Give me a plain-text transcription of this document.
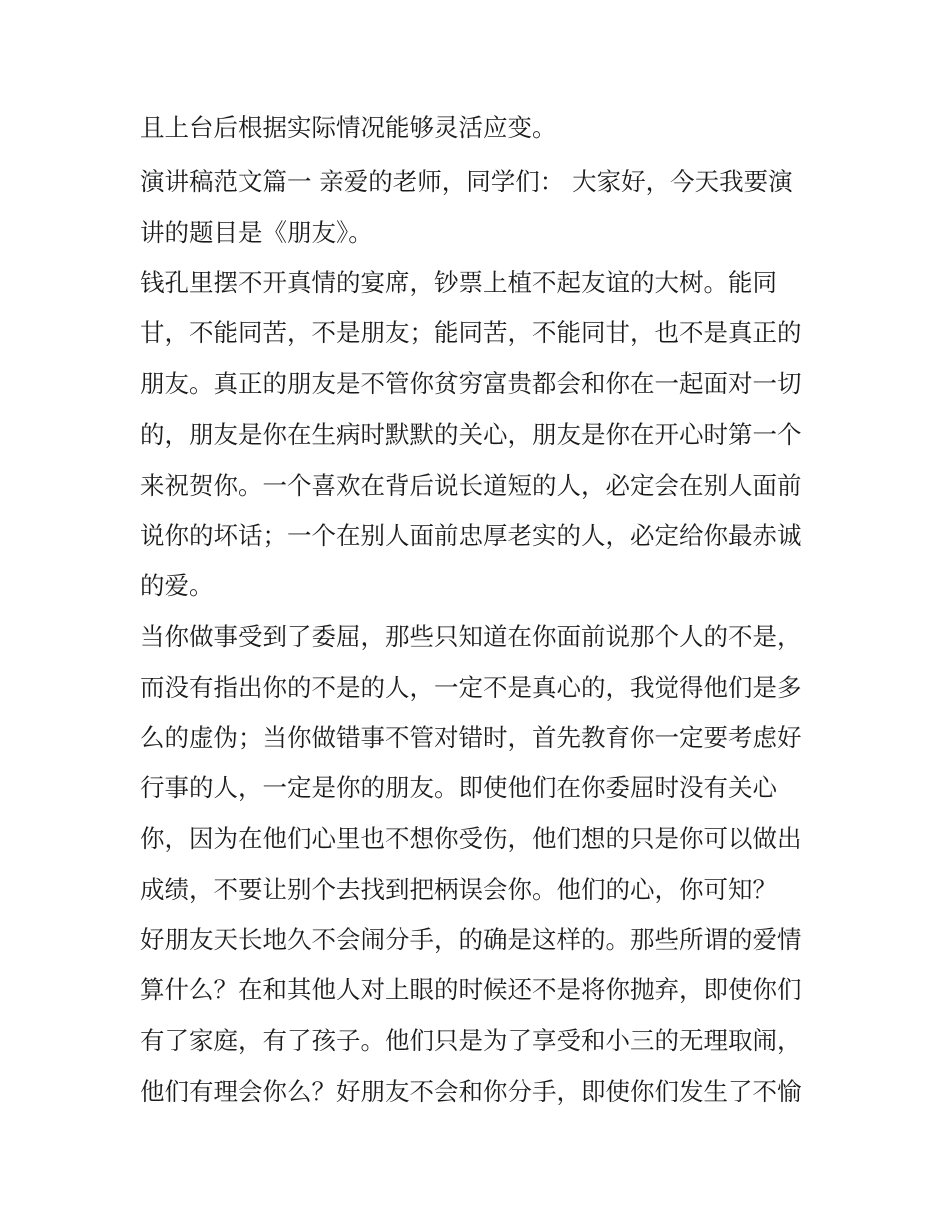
且上台后根据实际情况能够灵活应变。
演讲稿范文篇一 亲爱的老师，同学们： 大家好，今天我要演
讲的题目是《朋友》。
钱孔里摆不开真情的宴席，钞票上植不起友谊的大树。能同
甘，不能同苦，不是朋友；能同苦，不能同甘，也不是真正的
朋友。真正的朋友是不管你贫穷富贵都会和你在一起面对一切
的，朋友是你在生病时默默的关心，朋友是你在开心时第一个
来祝贺你。一个喜欢在背后说长道短的人，必定会在别人面前
说你的坏话；一个在别人面前忠厚老实的人，必定给你最赤诚
的爱。
当你做事受到了委屈，那些只知道在你面前说那个人的不是，
而没有指出你的不是的人，一定不是真心的，我觉得他们是多
么的虚伪；当你做错事不管对错时，首先教育你一定要考虑好
行事的人，一定是你的朋友。即使他们在你委屈时没有关心
你，因为在他们心里也不想你受伤，他们想的只是你可以做出
成绩，不要让别个去找到把柄误会你。他们的心，你可知？
好朋友天长地久不会闹分手，的确是这样的。那些所谓的爱情
算什么？在和其他人对上眼的时候还不是将你抛弃，即使你们
有了家庭，有了孩子。他们只是为了享受和小三的无理取闹，
他们有理会你么？好朋友不会和你分手，即使你们发生了不愉
